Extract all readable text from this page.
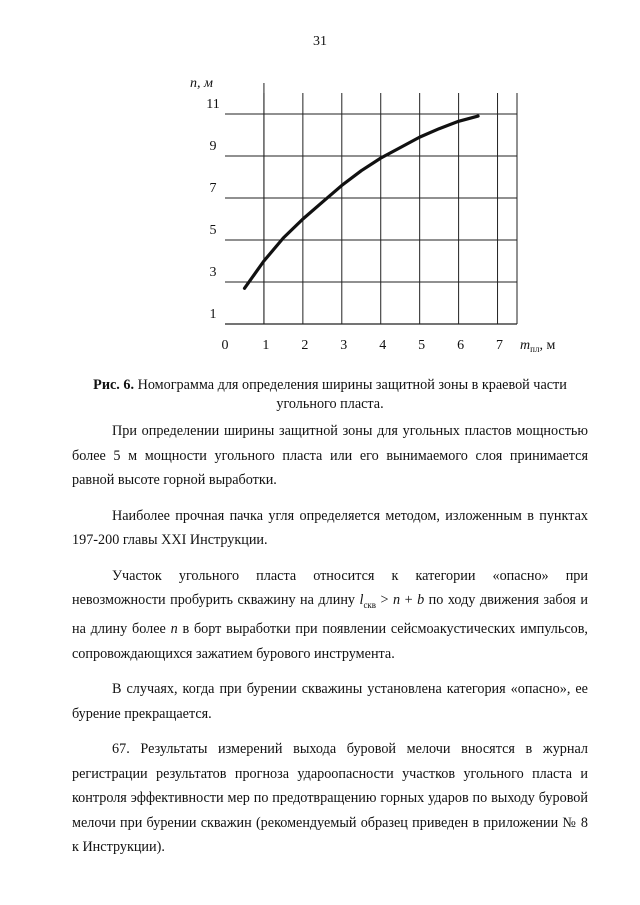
31
1
3
5
7
9
11
0 1 2 3 4 5 6 7
n, м
$m_{пл}$, м
Рис. 6. Номограмма для определения ширины защитной зоны в краевой части угольного пласта.

При определении ширины защитной зоны для угольных пластов мощностью более 5 м мощности угольного пласта или его вынимаемого слоя принимается равной высоте горной выработки.

Наиболее прочная пачка угля определяется методом, изложенным в пунктах 197-200 главы XXI Инструкции.

Участок угольного пласта относится к категории «опасно» при невозможности пробурить скважину на длину $l_{скв} > n + b$ по ходу движения забоя и на длину более n в борт выработки при появлении сейсмоакустических импульсов, сопровождающихся зажатием бурового инструмента.

В случаях, когда при бурении скважины установлена категория «опасно», ее бурение прекращается.

67. Результаты измерений выхода буровой мелочи вносятся в журнал регистрации результатов прогноза удароопасности участков угольного пласта и контроля эффективности мер по предотвращению горных ударов по выходу буровой мелочи при бурении скважин (рекомендуемый образец приведен в приложении № 8 к Инструкции).
